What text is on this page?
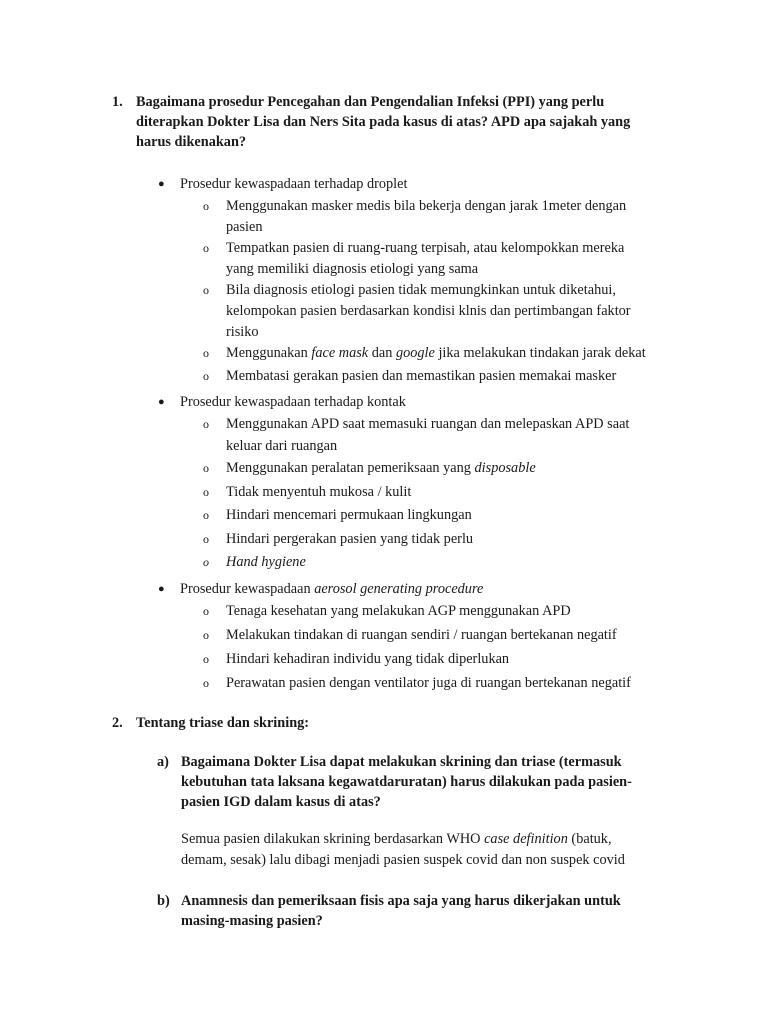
1. Bagaimana prosedur Pencegahan dan Pengendalian Infeksi (PPI) yang perlu
diterapkan Dokter Lisa dan Ners Sita pada kasus di atas? APD apa sajakah yang
harus dikenakan?
● Prosedur kewaspadaan terhadap droplet
o Menggunakan masker medis bila bekerja dengan jarak 1meter dengan
pasien
o Tempatkan pasien di ruang-ruang terpisah, atau kelompokkan mereka
yang memiliki diagnosis etiologi yang sama
o Bila diagnosis etiologi pasien tidak memungkinkan untuk diketahui,
kelompokan pasien berdasarkan kondisi klnis dan pertimbangan faktor
risiko
o Menggunakan face mask dan google jika melakukan tindakan jarak dekat
o Membatasi gerakan pasien dan memastikan pasien memakai masker
● Prosedur kewaspadaan terhadap kontak
o Menggunakan APD saat memasuki ruangan dan melepaskan APD saat
keluar dari ruangan
o Menggunakan peralatan pemeriksaan yang disposable
o Tidak menyentuh mukosa / kulit
o Hindari mencemari permukaan lingkungan
o Hindari pergerakan pasien yang tidak perlu
o Hand hygiene
● Prosedur kewaspadaan aerosol generating procedure
o Tenaga kesehatan yang melakukan AGP menggunakan APD
o Melakukan tindakan di ruangan sendiri / ruangan bertekanan negatif
o Hindari kehadiran individu yang tidak diperlukan
o Perawatan pasien dengan ventilator juga di ruangan bertekanan negatif
2. Tentang triase dan skrining:
a) Bagaimana Dokter Lisa dapat melakukan skrining dan triase (termasuk
kebutuhan tata laksana kegawatdaruratan) harus dilakukan pada pasien-
pasien IGD dalam kasus di atas?
Semua pasien dilakukan skrining berdasarkan WHO case definition (batuk,
demam, sesak) lalu dibagi menjadi pasien suspek covid dan non suspek covid
b) Anamnesis dan pemeriksaan fisis apa saja yang harus dikerjakan untuk
masing-masing pasien?
